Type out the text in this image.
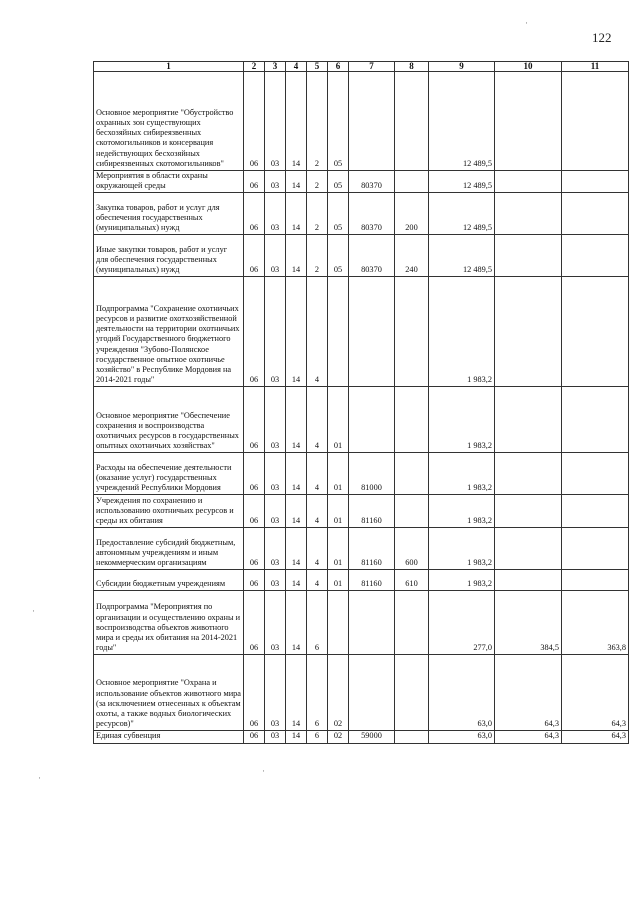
122
1	2	3	4	5	6	7	8	9	10	11
Основное мероприятие "Обустройство охранных зон существующих бесхозяйных сибиреязвенных скотомогильников и консервация недействующих бесхозяйных сибиреязвенных скотомогильников"	06	03	14	2	05			12 489,5		
Мероприятия в области охраны окружающей среды	06	03	14	2	05	80370		12 489,5		
Закупка товаров, работ и услуг для обеспечения государственных (муниципальных) нужд	06	03	14	2	05	80370	200	12 489,5		
Иные закупки товаров, работ и услуг для обеспечения государственных (муниципальных) нужд	06	03	14	2	05	80370	240	12 489,5		
Подпрограмма "Сохранение охотничьих ресурсов и развитие охотхозяйственной деятельности на территории охотничьих угодий Государственного бюджетного учреждения "Зубово-Полянское государственное опытное охотничье хозяйство" в Республике Мордовия на 2014-2021 годы"	06	03	14	4				1 983,2		
Основное мероприятие "Обеспечение сохранения и воспроизводства охотничьих ресурсов в государственных опытных охотничьих хозяйствах"	06	03	14	4	01			1 983,2		
Расходы на обеспечение деятельности (оказание услуг) государственных учреждений Республики Мордовия	06	03	14	4	01	81000		1 983,2		
Учреждения по сохранению и использованию охотничьих ресурсов и среды их обитания	06	03	14	4	01	81160		1 983,2		
Предоставление субсидий бюджетным, автономным учреждениям и иным некоммерческим организациям	06	03	14	4	01	81160	600	1 983,2		
Субсидии бюджетным учреждениям	06	03	14	4	01	81160	610	1 983,2		
Подпрограмма "Мероприятия по организации и осуществлению охраны и воспроизводства объектов животного мира и среды их обитания на 2014-2021 годы"	06	03	14	6				277,0	384,5	363,8
Основное мероприятие "Охрана и использование объектов животного мира (за исключением отнесенных к объектам охоты, а также водных биологических ресурсов)"	06	03	14	6	02			63,0	64,3	64,3
Единая субвенция	06	03	14	6	02	59000		63,0	64,3	64,3
·
·
·
·
